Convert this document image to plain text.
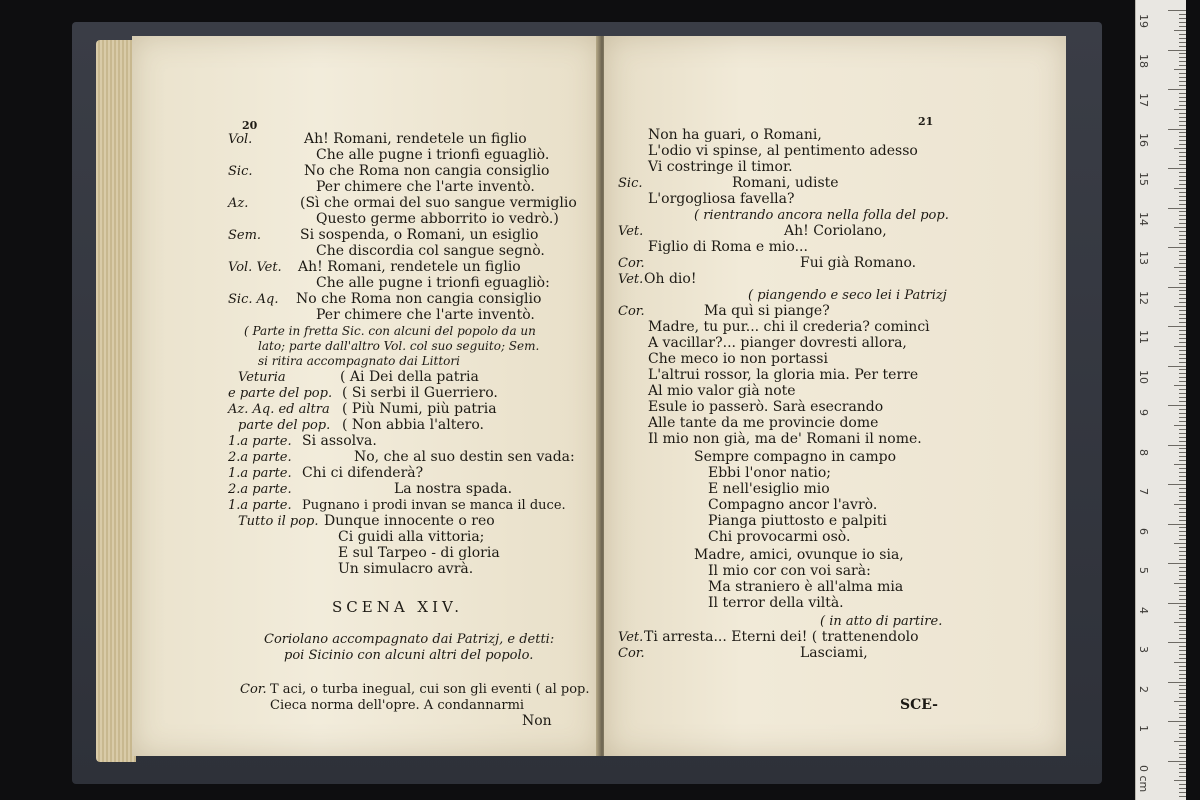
20
Vol.	Ah! Romani, rendetele un figlio
Che alle pugne i trionfi eguagliò.
Sic.	No che Roma non cangia consiglio
Per chimere che l'arte inventò.
Az.	(Sì che ormai del suo sangue vermiglio
Questo germe abborrito io vedrò.)
Sem.	Si sospenda, o Romani, un esiglio
Che discordia col sangue segnò.
Vol. Vet. Ah! Romani, rendetele un figlio
Che alle pugne i trionfi eguagliò:
Sic. Aq. No che Roma non cangia consiglio
Per chimere che l'arte inventò.
( Parte in fretta Sic. con alcuni del popolo da un
lato; parte dall'altro Vol. col suo seguito; Sem.
si ritira accompagnato dai Littori
Veturia	( Ai Dei della patria
e parte del pop. ( Si serbi il Guerriero.
Az. Aq. ed altra ( Più Numi, più patria
parte del pop. ( Non abbia l'altero.
1.a parte. Si assolva.
2.a parte.	No, che al suo destin sen vada:
1.a parte. Chi ci difenderà?
2.a parte.	La nostra spada.
1.a parte. Pugnano i prodi invan se manca il duce.
Tutto il pop. Dunque innocente o reo
Ci guidi alla vittoria;
E sul Tarpeo - di gloria
Un simulacro avrà.
SCENA XIV.
Coriolano accompagnato dai Patrizj, e detti:
poi Sicinio con alcuni altri del popolo.
Cor. T aci, o turba inegual, cui son gli eventi ( al pop.
Cieca norma dell'opre. A condannarmi
Non
21
Non ha guari, o Romani,
L'odio vi spinse, al pentimento adesso
Vi costringe il timor.
Sic.	Romani, udiste
L'orgogliosa favella?
( rientrando ancora nella folla del pop.
Vet.	Ah! Coriolano,
Figlio di Roma e mio...
Cor.	Fui già Romano.
Vet. Oh dio!
( piangendo e seco lei i Patrizj
Cor.	Ma quì si piange?
Madre, tu pur... chi il crederia? comincì
A vacillar?... pianger dovresti allora,
Che meco io non portassi
L'altrui rossor, la gloria mia. Per terre
Al mio valor già note
Esule io passerò. Sarà esecrando
Alle tante da me provincie dome
Il mio non già, ma de' Romani il nome.
Sempre compagno in campo
Ebbi l'onor natio;
E nell'esiglio mio
Compagno ancor l'avrò.
Pianga piuttosto e palpiti
Chi provocarmi osò.
Madre, amici, ovunque io sia,
Il mio cor con voi sarà:
Ma straniero è all'alma mia
Il terror della viltà.
( in atto di partire.
Vet. Ti arresta... Eterni dei! ( trattenendolo
Cor.	Lasciami,
SCE-
19
18
17
16
15
14
13
12
11
10
9
8
7
6
5
4
3
2
1
0 cm
